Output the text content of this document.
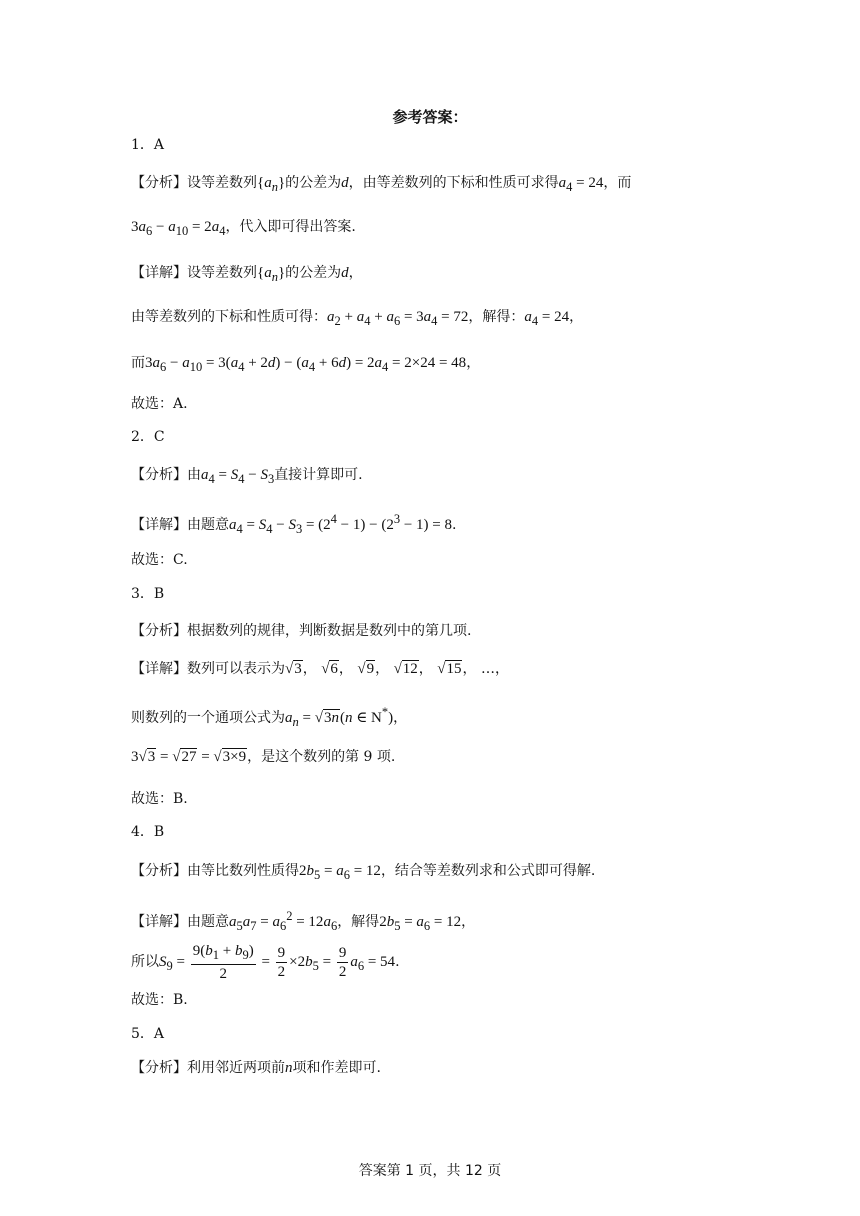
参考答案：
1．A
【分析】设等差数列$\{a_n\}$的公差为d，由等差数列的下标和性质可求得$a_4 = 24$，而
$3a_6 - a_{10} = 2a_4$，代入即可得出答案.
【详解】设等差数列$\{a_n\}$的公差为d，
由等差数列的下标和性质可得：$a_2 + a_4 + a_6 = 3a_4 = 72$，解得：$a_4 = 24$，
而$3a_6 - a_{10} = 3(a_4 + 2d) - (a_4 + 6d) = 2a_4 = 2\times 24 = 48$，
故选：A.
2．C
【分析】由$a_4 = S_4 - S_3$直接计算即可.
【详解】由题意$a_4 = S_4 - S_3 = (2^4 - 1) - (2^3 - 1) = 8$.
故选：C.
3．B
【分析】根据数列的规律，判断数据是数列中的第几项.
【详解】数列可以表示为√3， √6， √9， √12， √15， …，
则数列的一个通项公式为$a_n = √3n(n$ ∈ N*)，
3√3 = √27 = √3×9，是这个数列的第 9 项.
故选：B.
4．B
【分析】由等比数列性质得$2b_5 = a_6 = 12$，结合等差数列求和公式即可得解.
【详解】由题意$a_5a_7 = a_6^2 = 12a_6$，解得$2b_5 = a_6 = 12$，
所以$S_9 = \frac{9(b_1 + b_9)}{2} = \frac{9}{2} \times 2b_5 = \frac{9}{2} a_6 = 54$.
故选：B.
5．A
【分析】利用邻近两项前n项和作差即可.
答案第 1 页，共 12 页
